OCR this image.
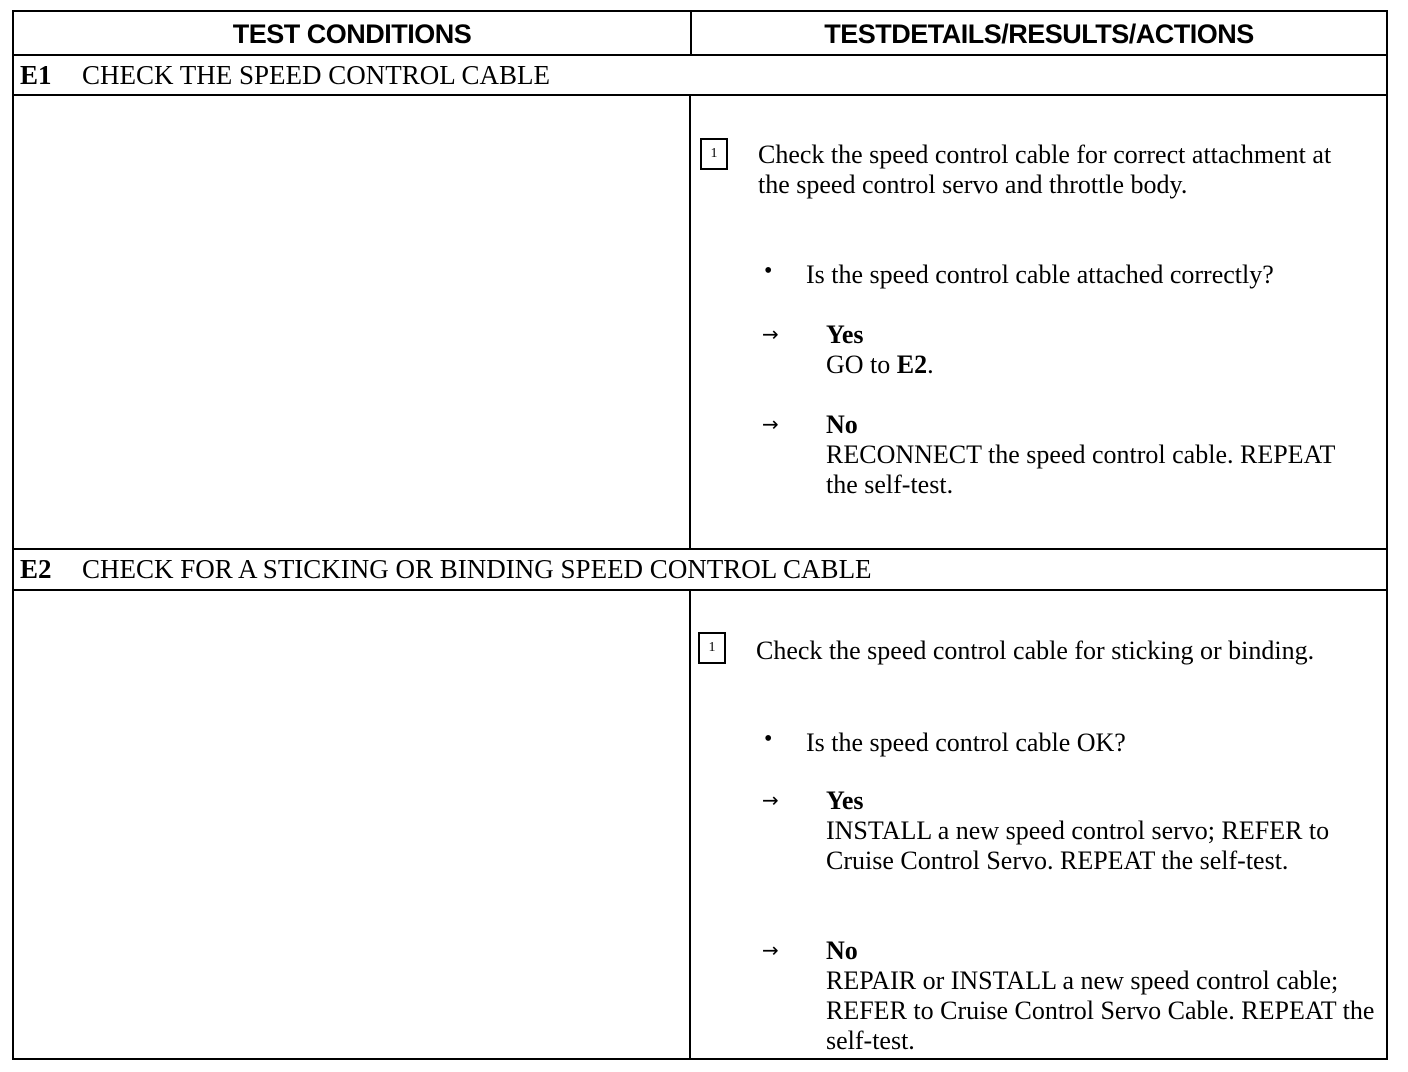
TEST CONDITIONS	TESTDETAILS/RESULTS/ACTIONS
E1 CHECK THE SPEED CONTROL CABLE
1	Check the speed control cable for correct attachment at the speed control servo and throttle body.
• Is the speed control cable attached correctly?
→ Yes
GO to E2.
→ No
RECONNECT the speed control cable. REPEAT the self-test.
E2 CHECK FOR A STICKING OR BINDING SPEED CONTROL CABLE
1	Check the speed control cable for sticking or binding.
• Is the speed control cable OK?
→ Yes
INSTALL a new speed control servo; REFER to Cruise Control Servo. REPEAT the self-test.
→ No
REPAIR or INSTALL a new speed control cable; REFER to Cruise Control Servo Cable. REPEAT the self-test.
